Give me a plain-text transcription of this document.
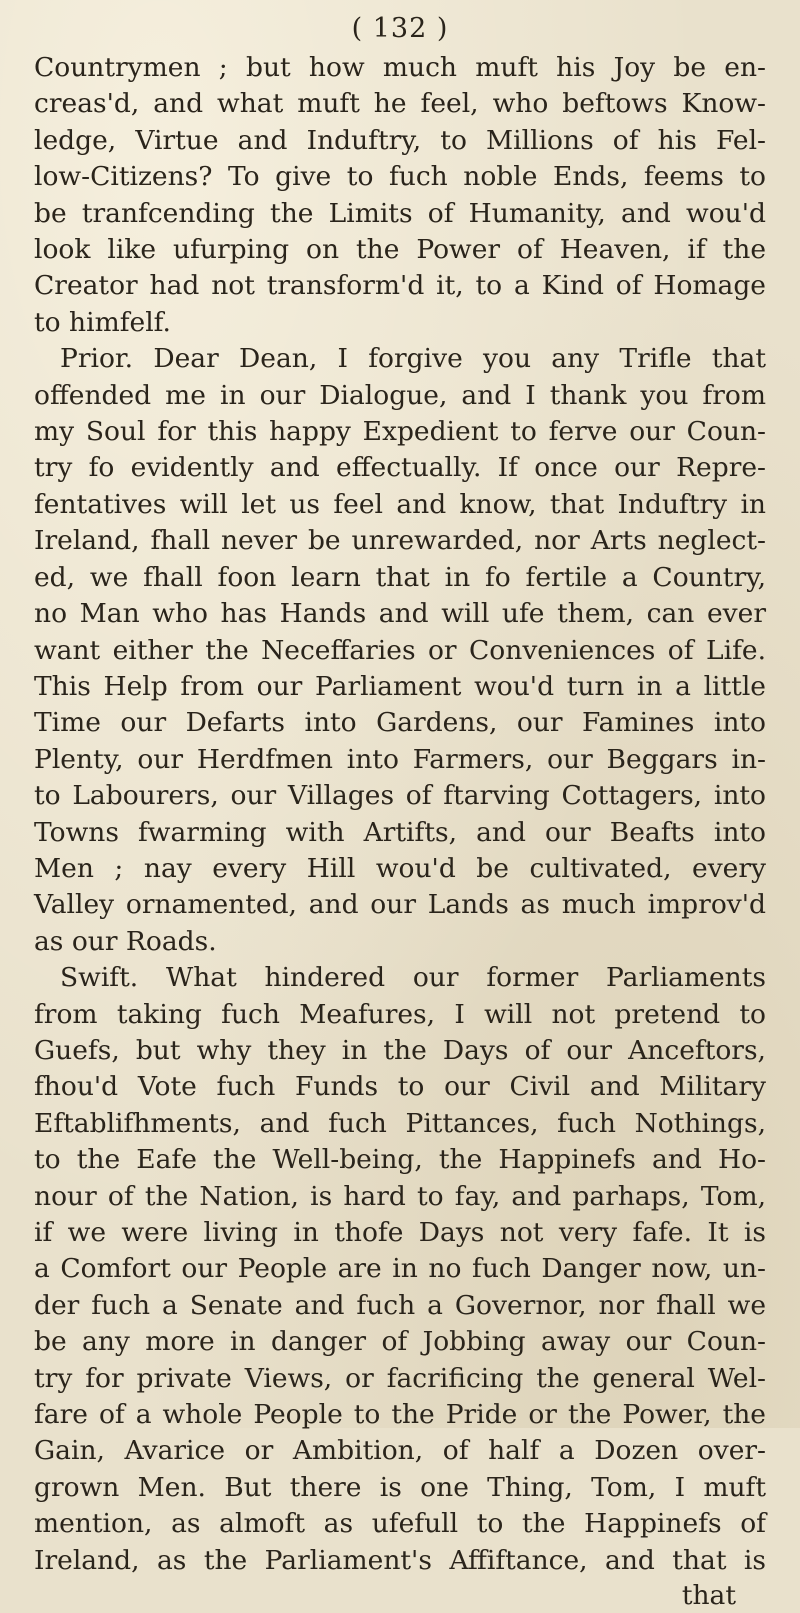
( 132 )
Countrymen ; but how much muft his Joy be en-
creas'd, and what muft he feel, who beftows Know-
ledge, Virtue and Induftry, to Millions of his Fel-
low-Citizens? To give to fuch noble Ends, feems to
be tranfcending the Limits of Humanity, and wou'd
look like ufurping on the Power of Heaven, if the
Creator had not transform'd it, to a Kind of Homage
to himfelf.
Prior. Dear Dean, I forgive you any Trifle that
offended me in our Dialogue, and I thank you from
my Soul for this happy Expedient to ferve our Coun-
try fo evidently and effectually. If once our Repre-
fentatives will let us feel and know, that Induftry in
Ireland, fhall never be unrewarded, nor Arts neglect-
ed, we fhall foon learn that in fo fertile a Country,
no Man who has Hands and will ufe them, can ever
want either the Neceffaries or Conveniences of Life.
This Help from our Parliament wou'd turn in a little
Time our Defarts into Gardens, our Famines into
Plenty, our Herdfmen into Farmers, our Beggars in-
to Labourers, our Villages of ftarving Cottagers, into
Towns fwarming with Artifts, and our Beafts into
Men ; nay every Hill wou'd be cultivated, every
Valley ornamented, and our Lands as much improv'd
as our Roads.
Swift. What hindered our former Parliaments
from taking fuch Meafures, I will not pretend to
Guefs, but why they in the Days of our Anceftors,
fhou'd Vote fuch Funds to our Civil and Military
Eftablifhments, and fuch Pittances, fuch Nothings,
to the Eafe the Well-being, the Happinefs and Ho-
nour of the Nation, is hard to fay, and parhaps, Tom,
if we were living in thofe Days not very fafe. It is
a Comfort our People are in no fuch Danger now, un-
der fuch a Senate and fuch a Governor, nor fhall we
be any more in danger of Jobbing away our Coun-
try for private Views, or facrificing the general Wel-
fare of a whole People to the Pride or the Power, the
Gain, Avarice or Ambition, of half a Dozen over-
grown Men. But there is one Thing, Tom, I muft
mention, as almoft as ufefull to the Happinefs of
Ireland, as the Parliament's Affiftance, and that is
that
